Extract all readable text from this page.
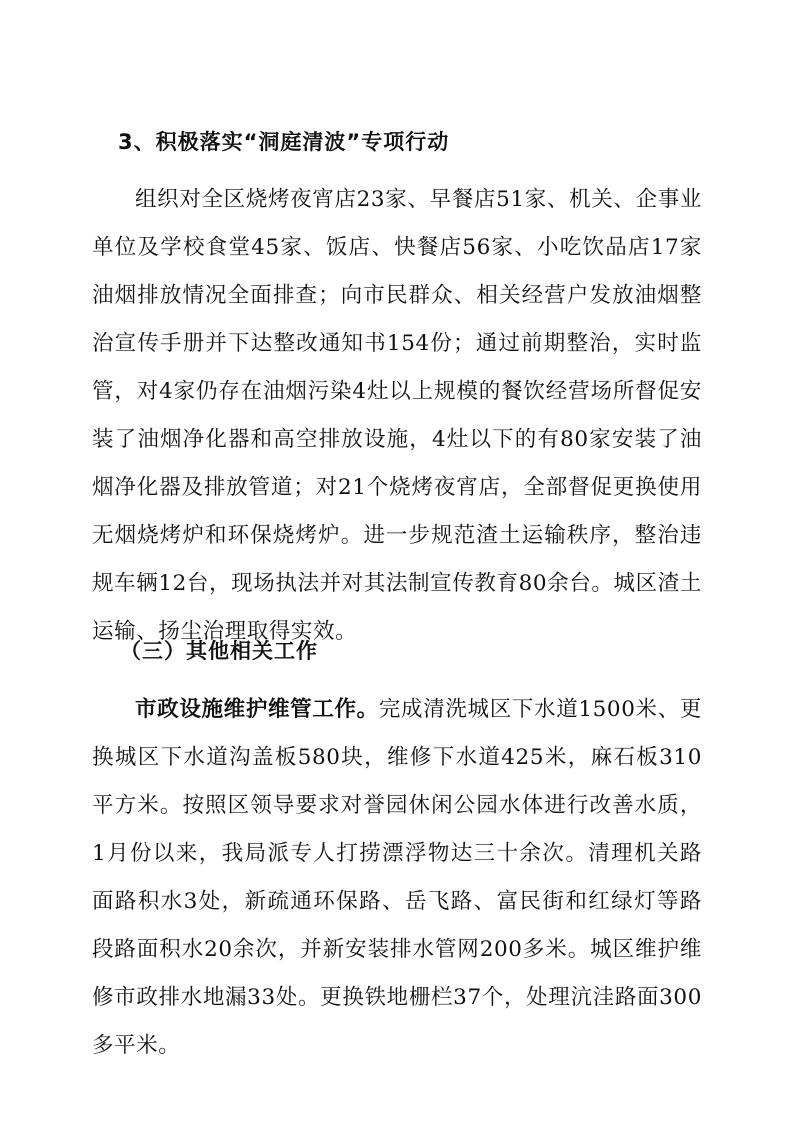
3、积极落实“洞庭清波”专项行动

组织对全区烧烤夜宵店23家、早餐店51家、机关、企事业单位及学校食堂45家、饭店、快餐店56家、小吃饮品店17家油烟排放情况全面排查；向市民群众、相关经营户发放油烟整治宣传手册并下达整改通知书154份；通过前期整治，实时监管，对4家仍存在油烟污染4灶以上规模的餐饮经营场所督促安装了油烟净化器和高空排放设施，4灶以下的有80家安装了油烟净化器及排放管道；对21个烧烤夜宵店，全部督促更换使用无烟烧烤炉和环保烧烤炉。进一步规范渣土运输秩序，整治违规车辆12台，现场执法并对其法制宣传教育80余台。城区渣土运输、扬尘治理取得实效。

（三）其他相关工作

市政设施维护维管工作。完成清洗城区下水道1500米、更换城区下水道沟盖板580块，维修下水道425米，麻石板310平方米。按照区领导要求对誉园休闲公园水体进行改善水质，1月份以来，我局派专人打捞漂浮物达三十余次。清理机关路面路积水3处，新疏通环保路、岳飞路、富民街和红绿灯等路段路面积水20余次，并新安装排水管网200多米。城区维护维修市政排水地漏33处。更换铁地栅栏37个，处理沆洼路面300多平米。
